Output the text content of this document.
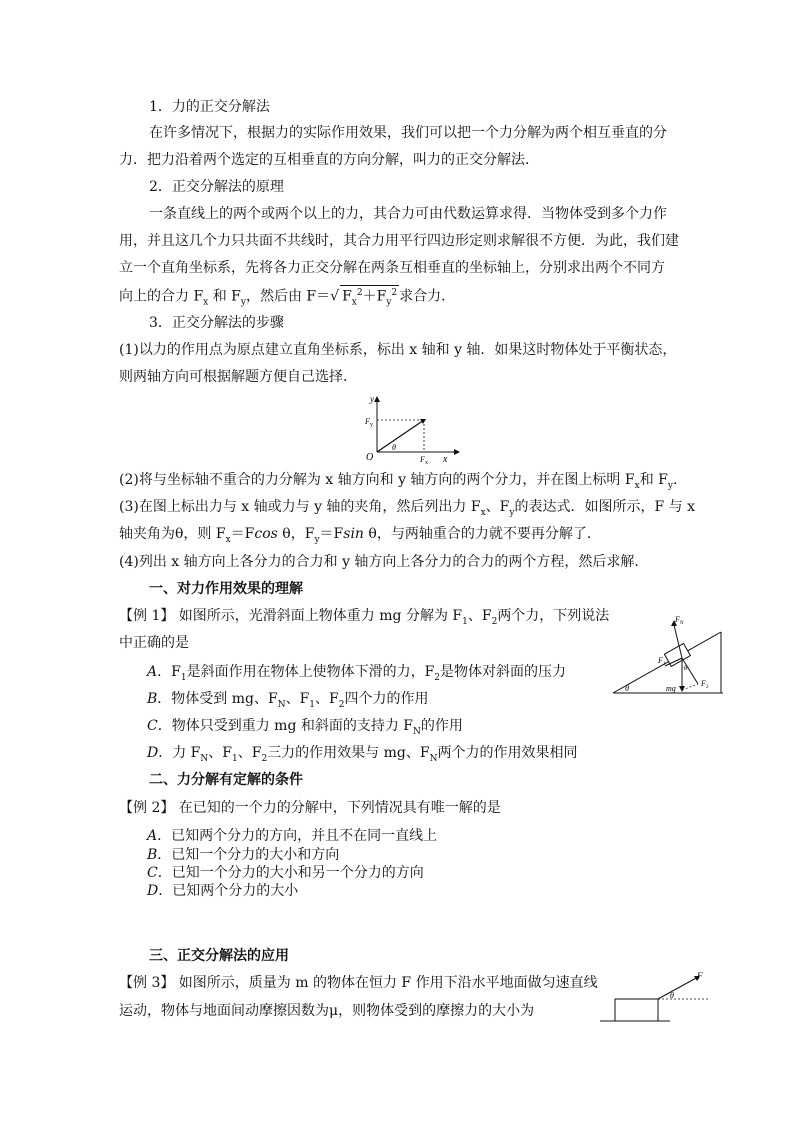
1．力的正交分解法
在许多情况下，根据力的实际作用效果，我们可以把一个力分解为两个相互垂直的分
力．把力沿着两个选定的互相垂直的方向分解，叫力的正交分解法．
2．正交分解法的原理
一条直线上的两个或两个以上的力，其合力可由代数运算求得．当物体受到多个力作
用，并且这几个力只共面不共线时，其合力用平行四边形定则求解很不方便．为此，我们建
立一个直角坐标系，先将各力正交分解在两条互相垂直的坐标轴上，分别求出两个不同方
向上的合力 $F_x$ 和 $F_y$，然后由 F＝√ $F_x^2+F_y^2$ 求合力．
3．正交分解法的步骤
(1)以力的作用点为原点建立直角坐标系，标出 x 轴和 y 轴．如果这时物体处于平衡状态，
则两轴方向可根据解题方便自己选择．
y
x
O
F y
F x
θ
(2)将与坐标轴不重合的力分解为 x 轴方向和 y 轴方向的两个分力，并在图上标明 $F_x$和 $F_y$.
(3)在图上标出力与 x 轴或力与 y 轴的夹角，然后列出力 $F_x$、$F_y$的表达式．如图所示，F 与 x
轴夹角为θ，则 $F_x=Fcos$ θ，$F_y=Fsin$ θ，与两轴重合的力就不要再分解了．
(4)列出 x 轴方向上各分力的合力和 y 轴方向上各分力的合力的两个方程，然后求解.
一、对力作用效果的理解
【例 1】 如图所示，光滑斜面上物体重力 mg 分解为 $F_1$、$F_2$两个力，下列说法
中正确的是
A．$F_1$是斜面作用在物体上使物体下滑的力，$F_2$是物体对斜面的压力
B．物体受到 mg、$F_N$、$F_1$、$F_2$四个力的作用
C．物体只受到重力 mg 和斜面的支持力 $F_N$的作用
D．力 $F_N$、$F_1$、$F_2$三力的作用效果与 mg、$F_N$两个力的作用效果相同
F N
F 1
F 2
mg
θ
θ
二、力分解有定解的条件
【例 2】 在已知的一个力的分解中，下列情况具有唯一解的是
A．已知两个分力的方向，并且不在同一直线上
B．已知一个分力的大小和方向
C．已知一个分力的大小和另一个分力的方向
D．已知两个分力的大小
三、正交分解法的应用
【例 3】 如图所示，质量为 m 的物体在恒力 F 作用下沿水平地面做匀速直线
运动，物体与地面间动摩擦因数为μ，则物体受到的摩擦力的大小为
F
θ
